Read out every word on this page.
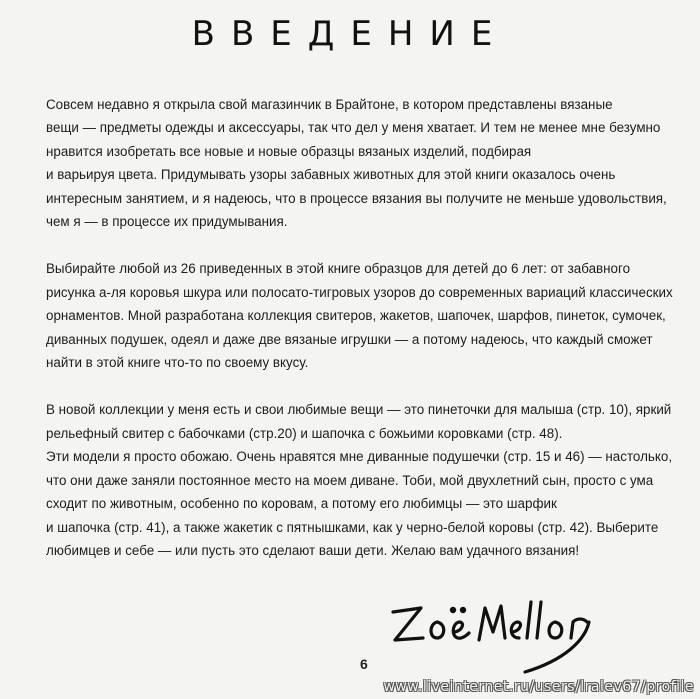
ВВЕДЕНИЕ

Совсем недавно я открыла свой магазинчик в Брайтоне, в котором представлены вязаные
вещи — предметы одежды и аксессуары, так что дел у меня хватает. И тем не менее мне безумно
нравится изобретать все новые и новые образцы вязаных изделий, подбирая
и варьируя цвета. Придумывать узоры забавных животных для этой книги оказалось очень
интересным занятием, и я надеюсь, что в процессе вязания вы получите не меньше удовольствия,
чем я — в процессе их придумывания.

Выбирайте любой из 26 приведенных в этой книге образцов для детей до 6 лет: от забавного
рисунка а-ля коровья шкура или полосато-тигровых узоров до современных вариаций классических
орнаментов. Мной разработана коллекция свитеров, жакетов, шапочек, шарфов, пинеток, сумочек,
диванных подушек, одеял и даже две вязаные игрушки — а потому надеюсь, что каждый сможет
найти в этой книге что-то по своему вкусу.

В новой коллекции у меня есть и свои любимые вещи — это пинеточки для малыша (стр. 10), яркий
рельефный свитер с бабочками (стр.20) и шапочка с божьими коровками (стр. 48).
Эти модели я просто обожаю. Очень нравятся мне диванные подушечки (стр. 15 и 46) — настолько,
что они даже заняли постоянное место на моем диване. Тоби, мой двухлетний сын, просто с ума
сходит по животным, особенно по коровам, а потому его любимцы — это шарфик
и шапочка (стр. 41), а также жакетик с пятнышками, как у черно-белой коровы (стр. 42). Выберите
любимцев и себе — или пусть это сделают ваши дети. Желаю вам удачного вязания!

6
www.liveinternet.ru/users/lralev67/profile
